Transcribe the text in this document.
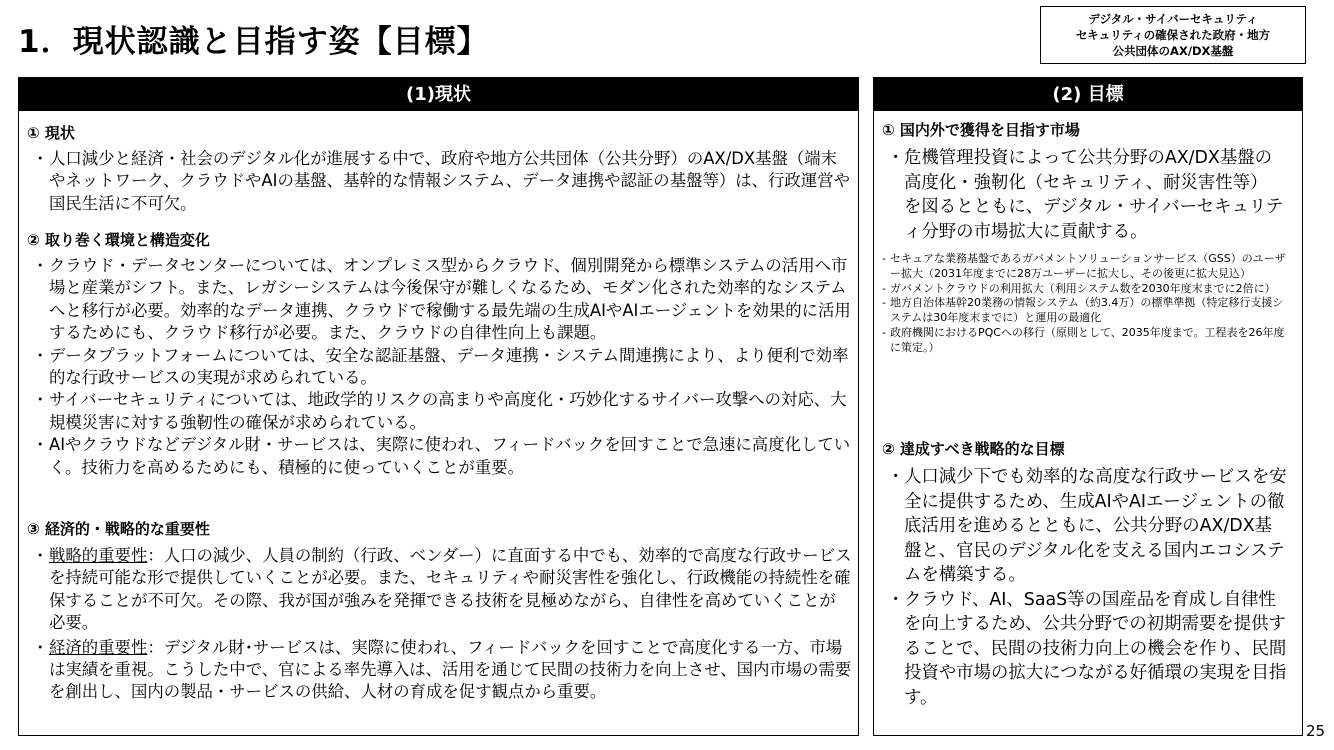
1．現状認識と目指す姿【目標】
デジタル・サイバーセキュリティ
セキュリティの確保された政府・地方
公共団体のAX/DX基盤
(1)現状
① 現状
・ 人口減少と経済・社会のデジタル化が進展する中で、政府や地方公共団体（公共分野）のAX/DX基盤（端末やネットワーク、クラウドやAIの基盤、基幹的な情報システム、データ連携や認証の基盤等）は、行政運営や国民生活に不可欠。
② 取り巻く環境と構造変化
・ クラウド・データセンターについては、オンプレミス型からクラウド、個別開発から標準システムの活用へ市場と産業がシフト。また、レガシーシステムは今後保守が難しくなるため、モダン化された効率的なシステムへと移行が必要。効率的なデータ連携、クラウドで稼働する最先端の生成AIやAIエージェントを効果的に活用するためにも、クラウド移行が必要。また、クラウドの自律性向上も課題。
・ データプラットフォームについては、安全な認証基盤、データ連携・システム間連携により、より便利で効率的な行政サービスの実現が求められている。
・ サイバーセキュリティについては、地政学的リスクの高まりや高度化・巧妙化するサイバー攻撃への対応、大規模災害に対する強靭性の確保が求められている。
・ AIやクラウドなどデジタル財・サービスは、実際に使われ、フィードバックを回すことで急速に高度化していく。技術力を高めるためにも、積極的に使っていくことが重要。
③ 経済的・戦略的な重要性
・ 戦略的重要性：人口の減少、人員の制約（行政、ベンダー）に直面する中でも、効率的で高度な行政サービスを持続可能な形で提供していくことが必要。また、セキュリティや耐災害性を強化し、行政機能の持続性を確保することが不可欠。その際、我が国が強みを発揮できる技術を見極めながら、自律性を高めていくことが必要。
・ 経済的重要性：デジタル財･サービスは、実際に使われ、フィードバックを回すことで高度化する一方、市場は実績を重視。こうした中で、官による率先導入は、活用を通じて民間の技術力を向上させ、国内市場の需要を創出し、国内の製品・サービスの供給、人材の育成を促す観点から重要。
(2) 目標
① 国内外で獲得を目指す市場
・ 危機管理投資によって公共分野のAX/DX基盤の高度化・強靭化（セキュリティ、耐災害性等）を図るとともに、デジタル・サイバーセキュリティ分野の市場拡大に貢献する。
- セキュアな業務基盤であるガバメントソリューションサービス（GSS）のユーザー拡大（2031年度までに28万ユーザーに拡大し、その後更に拡大見込）
- ガバメントクラウドの利用拡大（利用システム数を2030年度末までに2倍に）
- 地方自治体基幹20業務の情報システム（約3.4万）の標準準拠（特定移行支援システムは30年度末までに）と運用の最適化
- 政府機関におけるPQCへの移行（原則として、2035年度まで。工程表を26年度に策定。）
② 達成すべき戦略的な目標
・ 人口減少下でも効率的な高度な行政サービスを安全に提供するため、生成AIやAIエージェントの徹底活用を進めるとともに、公共分野のAX/DX基盤と、官民のデジタル化を支える国内エコシステムを構築する。
・ クラウド、AI、SaaS等の国産品を育成し自律性を向上するため、公共分野での初期需要を提供することで、民間の技術力向上の機会を作り、民間投資や市場の拡大につながる好循環の実現を目指す。
25
